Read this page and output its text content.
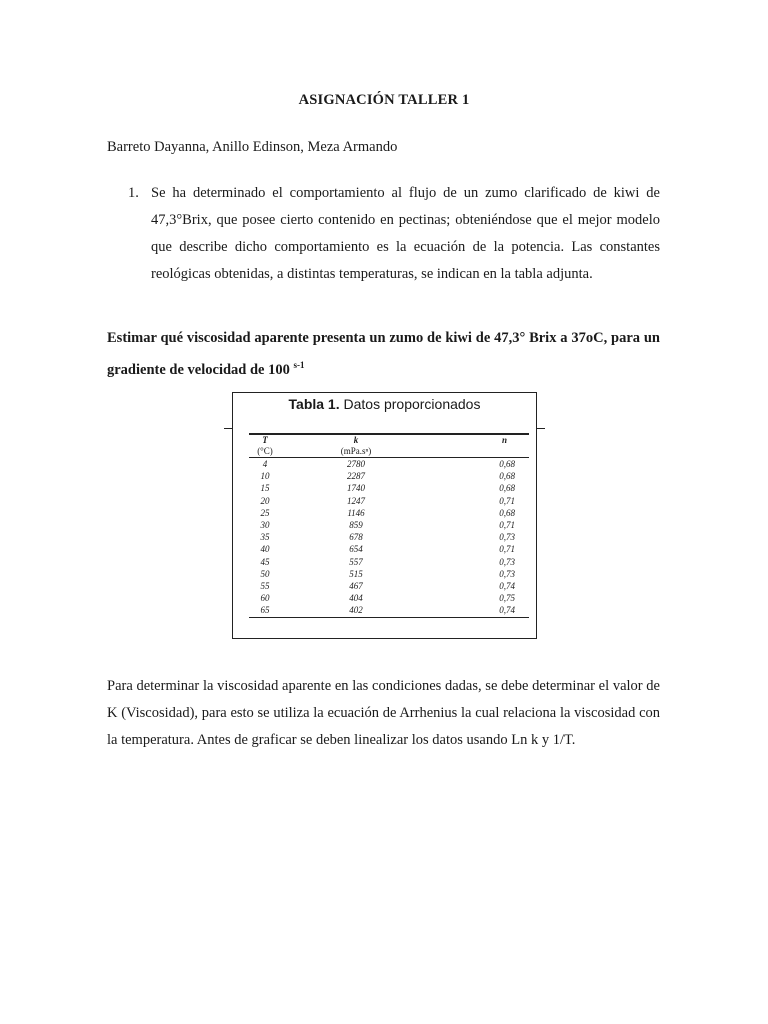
ASIGNACIÓN TALLER 1
Barreto Dayanna, Anillo Edinson, Meza Armando
1. Se ha determinado el comportamiento al flujo de un zumo clarificado de kiwi de 47,3°Brix, que posee cierto contenido en pectinas; obteniéndose que el mejor modelo que describe dicho comportamiento es la ecuación de la potencia. Las constantes reológicas obtenidas, a distintas temperaturas, se indican en la tabla adjunta.
Estimar qué viscosidad aparente presenta un zumo de kiwi de 47,3° Brix a 37oC, para un gradiente de velocidad de 100 $^{s-1}$
Tabla 1. Datos proporcionados

T	k	n
(°C)	(mPa.sⁿ)	
4	2780	0,68
10	2287	0,68
15	1740	0,68
20	1247	0,71
25	1146	0,68
30	859	0,71
35	678	0,73
40	654	0,71
45	557	0,73
50	515	0,73
55	467	0,74
60	404	0,75
65	402	0,74
Para determinar la viscosidad aparente en las condiciones dadas, se debe determinar el valor de K (Viscosidad), para esto se utiliza la ecuación de Arrhenius la cual relaciona la viscosidad con la temperatura. Antes de graficar se deben linealizar los datos usando Ln k y 1/T.
